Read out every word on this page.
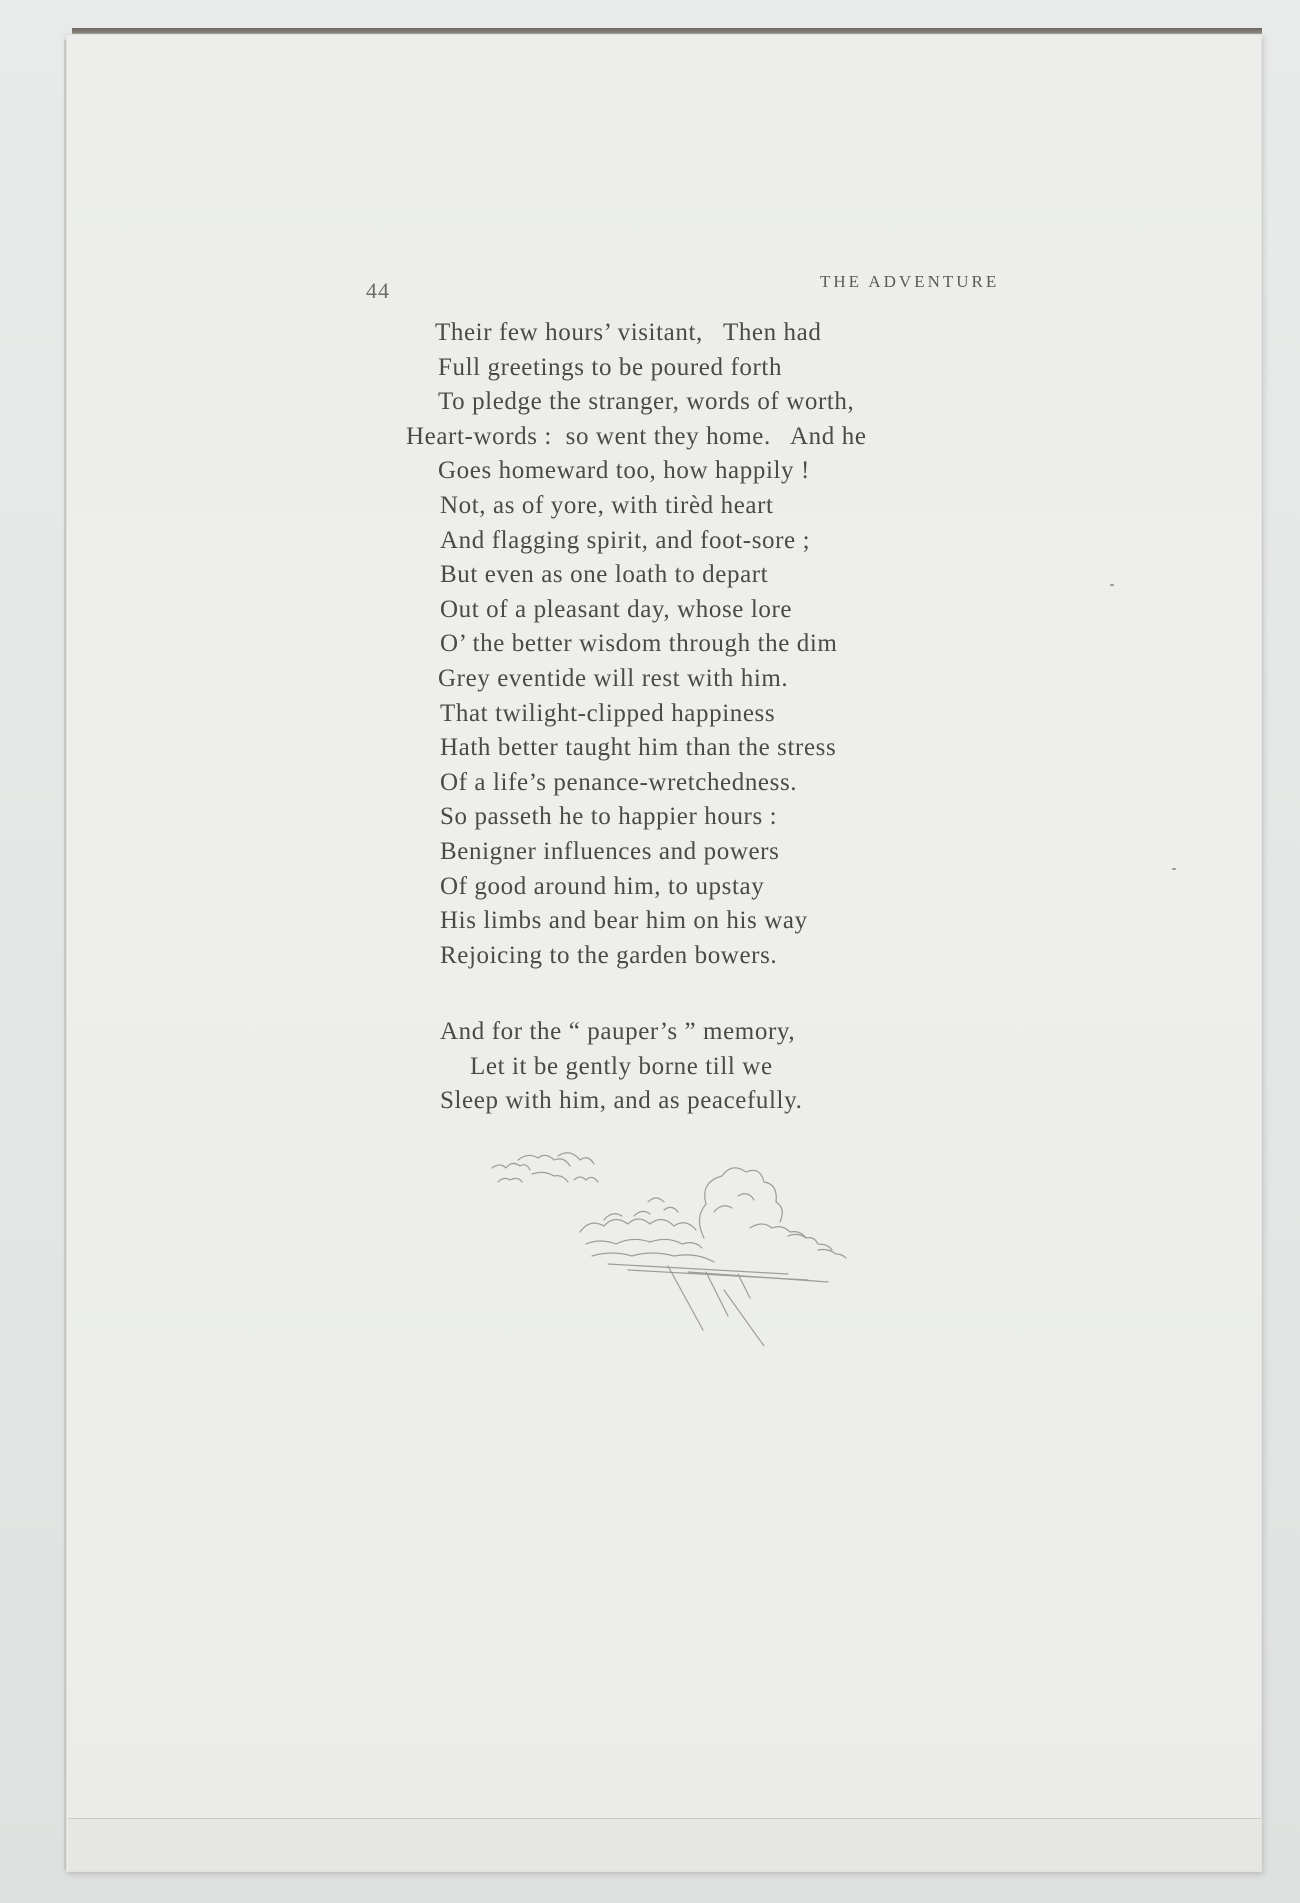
44	THE ADVENTURE
Their few hours’ visitant,   Then had
Full greetings to be poured forth
To pledge the stranger, words of worth,
Heart-words :  so went they home.   And he
Goes homeward too, how happily !
Not, as of yore, with tirèd heart
And flagging spirit, and foot-sore ;
But even as one loath to depart
Out of a pleasant day, whose lore
O’ the better wisdom through the dim
Grey eventide will rest with him.
That twilight-clipped happiness
Hath better taught him than the stress
Of a life’s penance-wretchedness.
So passeth he to happier hours :
Benigner influences and powers
Of good around him, to upstay
His limbs and bear him on his way
Rejoicing to the garden bowers.
And for the “ pauper’s ” memory,
Let it be gently borne till we
Sleep with him, and as peacefully.
